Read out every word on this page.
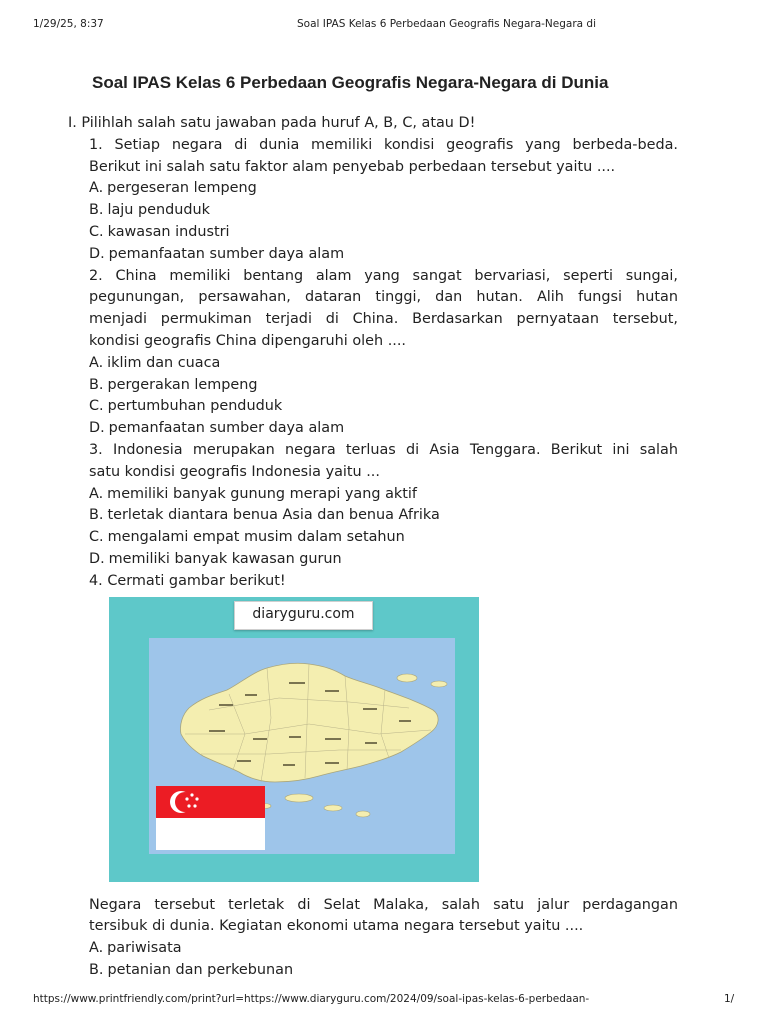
1/29/25, 8:37	Soal IPAS Kelas 6 Perbedaan Geografis Negara-Negara di
Soal IPAS Kelas 6 Perbedaan Geografis Negara-Negara di Dunia

I. Pilihlah salah satu jawaban pada huruf A, B, C, atau D!

1. Setiap negara di dunia memiliki kondisi geografis yang berbeda-beda.

Berikut ini salah satu faktor alam penyebab perbedaan tersebut yaitu ....

A. pergeseran lempeng

B. laju penduduk

C. kawasan industri

D. pemanfaatan sumber daya alam

2. China memiliki bentang alam yang sangat bervariasi, seperti sungai,

pegunungan, persawahan, dataran tinggi, dan hutan. Alih fungsi hutan

menjadi permukiman terjadi di China. Berdasarkan pernyataan tersebut,

kondisi geografis China dipengaruhi oleh ....

A. iklim dan cuaca

B. pergerakan lempeng

C. pertumbuhan penduduk

D. pemanfaatan sumber daya alam

3. Indonesia merupakan negara terluas di Asia Tenggara. Berikut ini salah

satu kondisi geografis Indonesia yaitu ...

A. memiliki banyak gunung merapi yang aktif

B. terletak diantara benua Asia dan benua Afrika

C. mengalami empat musim dalam setahun

D. memiliki banyak kawasan gurun

4. Cermati gambar berikut!

diaryguru.com

Negara tersebut terletak di Selat Malaka, salah satu jalur perdagangan

tersibuk di dunia. Kegiatan ekonomi utama negara tersebut yaitu ....

A. pariwisata

B. petanian dan perkebunan

https://www.printfriendly.com/print?url=https://www.diaryguru.com/2024/09/soal-ipas-kelas-6-perbedaan-	1/
